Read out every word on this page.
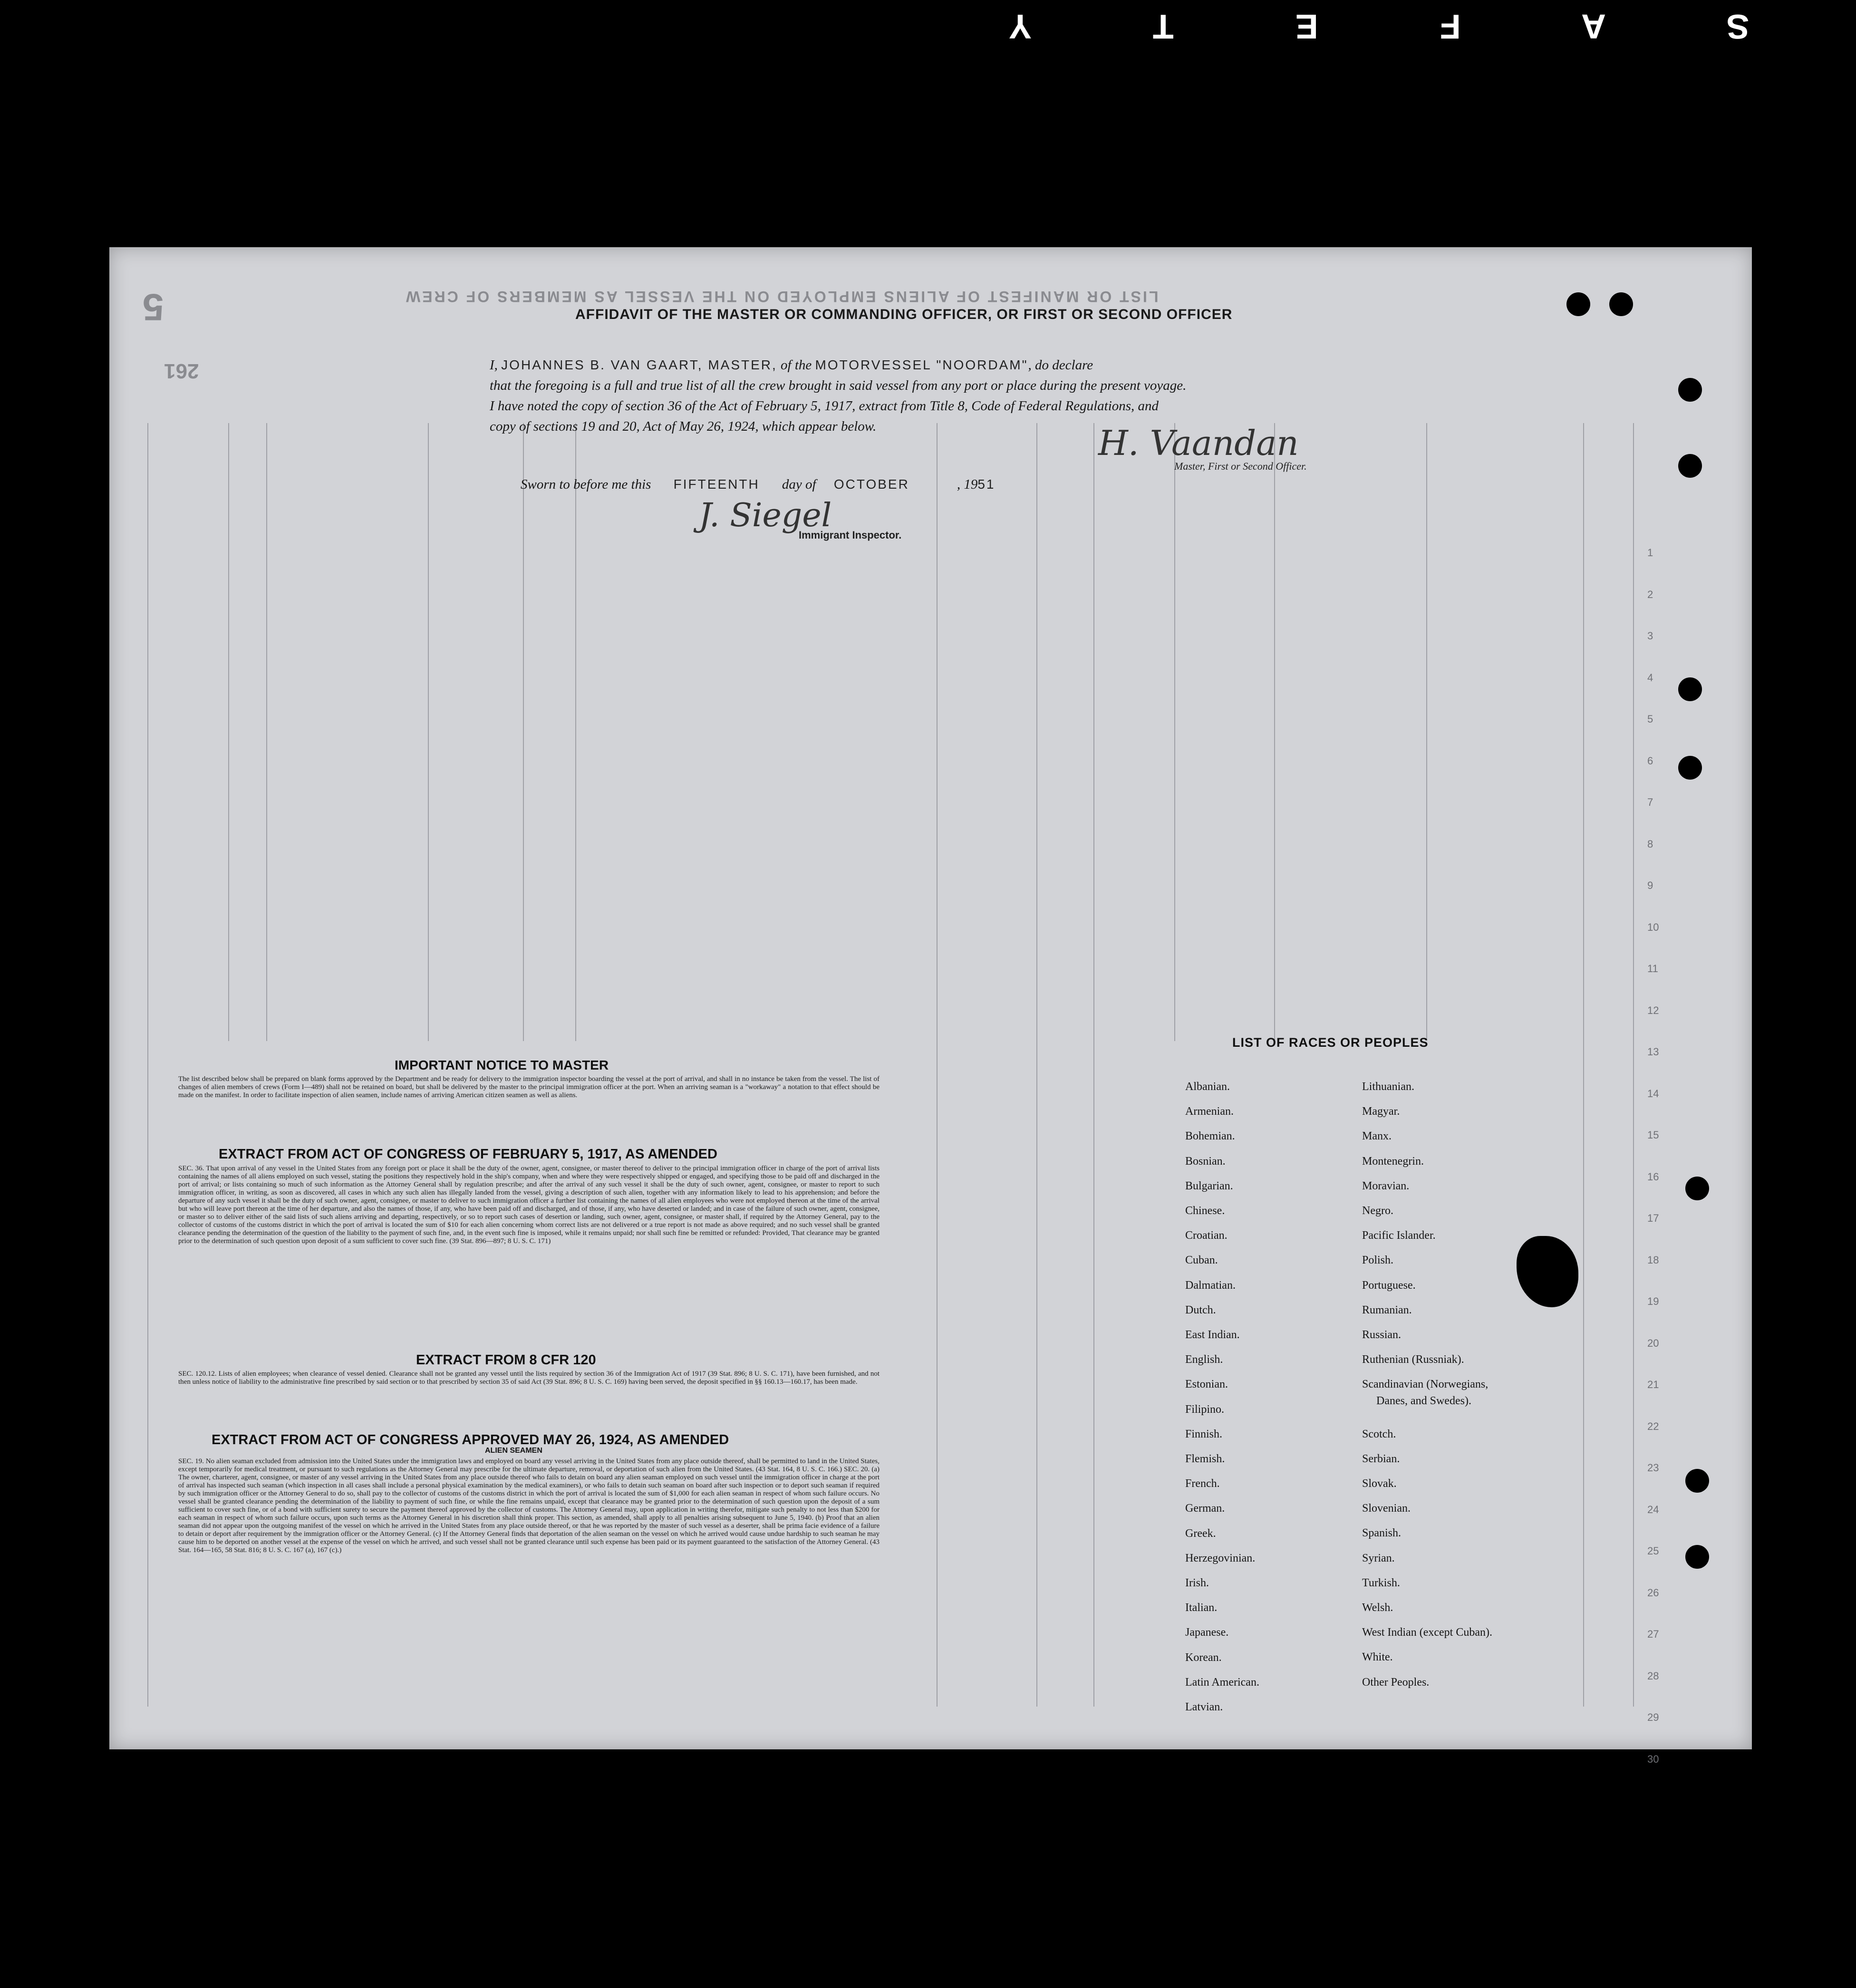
S A F E T Y
LIST OR MANIFEST OF ALIENS EMPLOYED ON THE VESSEL AS MEMBERS OF CREW
5
261
1
2
3
4
5
6
7
8
9
10
11
12
13
14
15
16
17
18
19
20
21
22
23
24
25
26
27
28
29
30
AFFIDAVIT OF THE MASTER OR COMMANDING OFFICER, OR FIRST OR SECOND OFFICER
I, JOHANNES B. VAN GAART, MASTER, of the MOTORVESSEL "NOORDAM", do declare
that the foregoing is a full and true list of all the crew brought in said vessel from any port or place during the present voyage.
I have noted the copy of section 36 of the Act of February 5, 1917, extract from Title 8, Code of Federal Regulations, and
copy of sections 19 and 20, Act of May 26, 1924, which appear below.	H. Vaandan
Master, First or Second Officer.
Sworn to before me this FIFTEENTH day of OCTOBER	, 1951
J. Siegel
Immigrant Inspector.
IMPORTANT NOTICE TO MASTER
The list described below shall be prepared on blank forms approved by the Department and be ready for delivery to the immigration inspector boarding the vessel at the port of arrival, and shall in no instance be taken from the vessel. The list of changes of alien members of crews (Form I—489) shall not be retained on board, but shall be delivered by the master to the principal immigration officer at the port. When an arriving seaman is a "workaway" a notation to that effect should be made on the manifest. In order to facilitate inspection of alien seamen, include names of arriving American citizen seamen as well as aliens.
EXTRACT FROM ACT OF CONGRESS OF FEBRUARY 5, 1917, AS AMENDED
SEC. 36. That upon arrival of any vessel in the United States from any foreign port or place it shall be the duty of the owner, agent, consignee, or master thereof to deliver to the principal immigration officer in charge of the port of arrival lists containing the names of all aliens employed on such vessel, stating the positions they respectively hold in the ship's company, when and where they were respectively shipped or engaged, and specifying those to be paid off and discharged in the port of arrival; or lists containing so much of such information as the Attorney General shall by regulation prescribe; and after the arrival of any such vessel it shall be the duty of such owner, agent, consignee, or master to report to such immigration officer, in writing, as soon as discovered, all cases in which any such alien has illegally landed from the vessel, giving a description of such alien, together with any information likely to lead to his apprehension; and before the departure of any such vessel it shall be the duty of such owner, agent, consignee, or master to deliver to such immigration officer a further list containing the names of all alien employees who were not employed thereon at the time of the arrival but who will leave port thereon at the time of her departure, and also the names of those, if any, who have been paid off and discharged, and of those, if any, who have deserted or landed; and in case of the failure of such owner, agent, consignee, or master so to deliver either of the said lists of such aliens arriving and departing, respectively, or so to report such cases of desertion or landing, such owner, agent, consignee, or master shall, if required by the Attorney General, pay to the collector of customs of the customs district in which the port of arrival is located the sum of $10 for each alien concerning whom correct lists are not delivered or a true report is not made as above required; and no such vessel shall be granted clearance pending the determination of the question of the liability to the payment of such fine, and, in the event such fine is imposed, while it remains unpaid; nor shall such fine be remitted or refunded: Provided, That clearance may be granted prior to the determination of such question upon deposit of a sum sufficient to cover such fine. (39 Stat. 896—897; 8 U. S. C. 171)
EXTRACT FROM 8 CFR 120
SEC. 120.12. Lists of alien employees; when clearance of vessel denied. Clearance shall not be granted any vessel until the lists required by section 36 of the Immigration Act of 1917 (39 Stat. 896; 8 U. S. C. 171), have been furnished, and not then unless notice of liability to the administrative fine prescribed by said section or to that prescribed by section 35 of said Act (39 Stat. 896; 8 U. S. C. 169) having been served, the deposit specified in §§ 160.13—160.17, has been made.
EXTRACT FROM ACT OF CONGRESS APPROVED MAY 26, 1924, AS AMENDED
ALIEN SEAMEN
SEC. 19. No alien seaman excluded from admission into the United States under the immigration laws and employed on board any vessel arriving in the United States from any place outside thereof, shall be permitted to land in the United States, except temporarily for medical treatment, or pursuant to such regulations as the Attorney General may prescribe for the ultimate departure, removal, or deportation of such alien from the United States. (43 Stat. 164, 8 U. S. C. 166.) SEC. 20. (a) The owner, charterer, agent, consignee, or master of any vessel arriving in the United States from any place outside thereof who fails to detain on board any alien seaman employed on such vessel until the immigration officer in charge at the port of arrival has inspected such seaman (which inspection in all cases shall include a personal physical examination by the medical examiners), or who fails to detain such seaman on board after such inspection or to deport such seaman if required by such immigration officer or the Attorney General to do so, shall pay to the collector of customs of the customs district in which the port of arrival is located the sum of $1,000 for each alien seaman in respect of whom such failure occurs. No vessel shall be granted clearance pending the determination of the liability to payment of such fine, or while the fine remains unpaid, except that clearance may be granted prior to the determination of such question upon the deposit of a sum sufficient to cover such fine, or of a bond with sufficient surety to secure the payment thereof approved by the collector of customs. The Attorney General may, upon application in writing therefor, mitigate such penalty to not less than $200 for each seaman in respect of whom such failure occurs, upon such terms as the Attorney General in his discretion shall think proper. This section, as amended, shall apply to all penalties arising subsequent to June 5, 1940. (b) Proof that an alien seaman did not appear upon the outgoing manifest of the vessel on which he arrived in the United States from any place outside thereof, or that he was reported by the master of such vessel as a deserter, shall be prima facie evidence of a failure to detain or deport after requirement by the immigration officer or the Attorney General. (c) If the Attorney General finds that deportation of the alien seaman on the vessel on which he arrived would cause undue hardship to such seaman he may cause him to be deported on another vessel at the expense of the vessel on which he arrived, and such vessel shall not be granted clearance until such expense has been paid or its payment guaranteed to the satisfaction of the Attorney General. (43 Stat. 164—165, 58 Stat. 816; 8 U. S. C. 167 (a), 167 (c).)
LIST OF RACES OR PEOPLES
Albanian.
Armenian.
Bohemian.
Bosnian.
Bulgarian.
Chinese.
Croatian.
Cuban.
Dalmatian.
Dutch.
East Indian.
English.
Estonian.
Filipino.
Finnish.
Flemish.
French.
German.
Greek.
Herzegovinian.
Irish.
Italian.
Japanese.
Korean.
Latin American.
Latvian.
Lithuanian.
Magyar.
Manx.
Montenegrin.
Moravian.
Negro.
Pacific Islander.
Polish.
Portuguese.
Rumanian.
Russian.
Ruthenian (Russniak).
Scandinavian (Norwegians,
Danes, and Swedes).
Scotch.
Serbian.
Slovak.
Slovenian.
Spanish.
Syrian.
Turkish.
Welsh.
West Indian (except Cuban).
White.
Other Peoples.
